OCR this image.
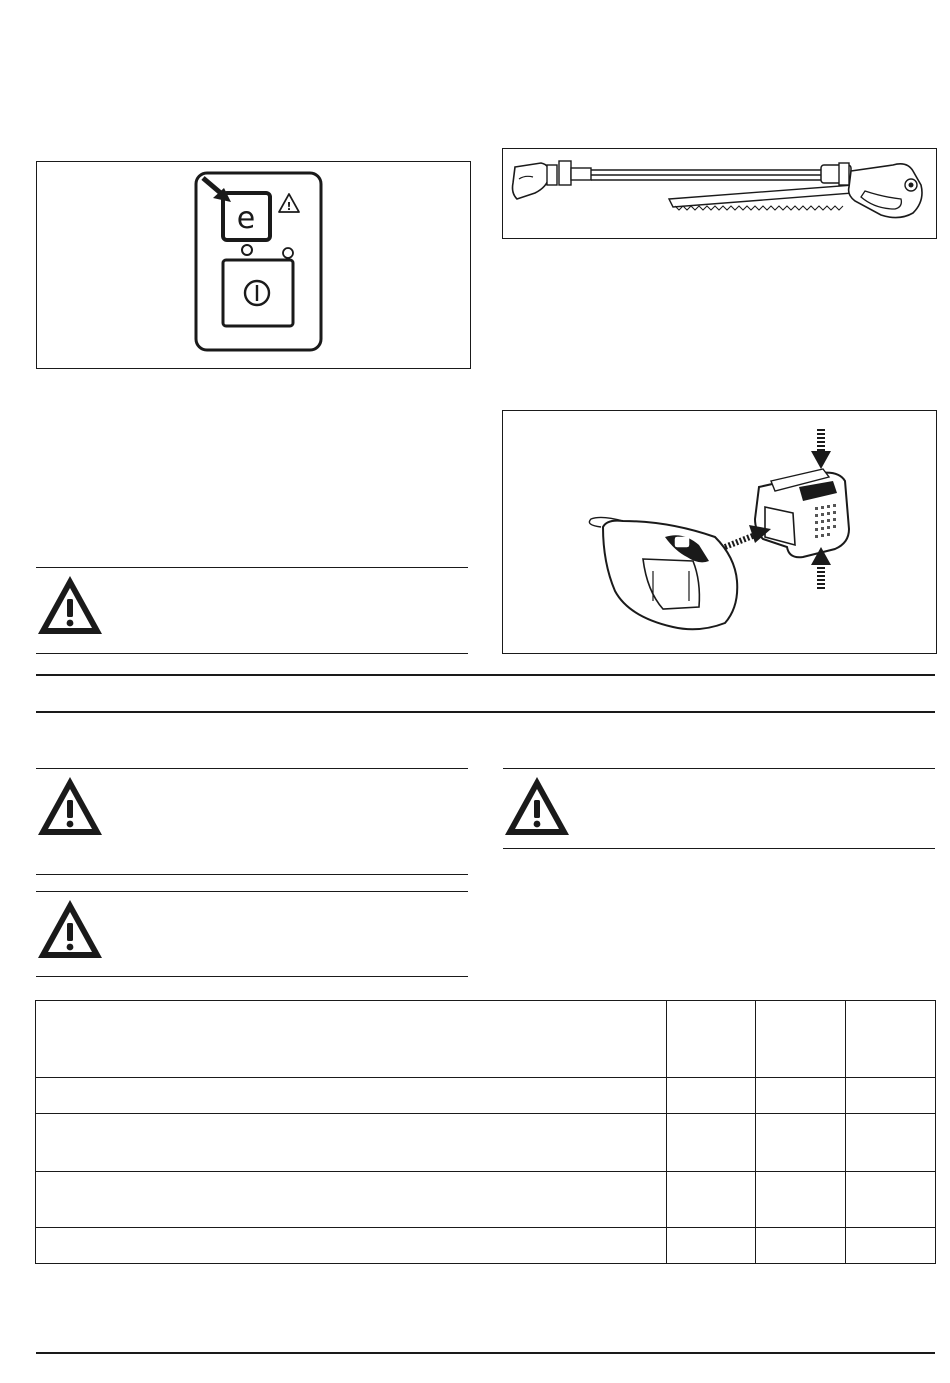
e	!
